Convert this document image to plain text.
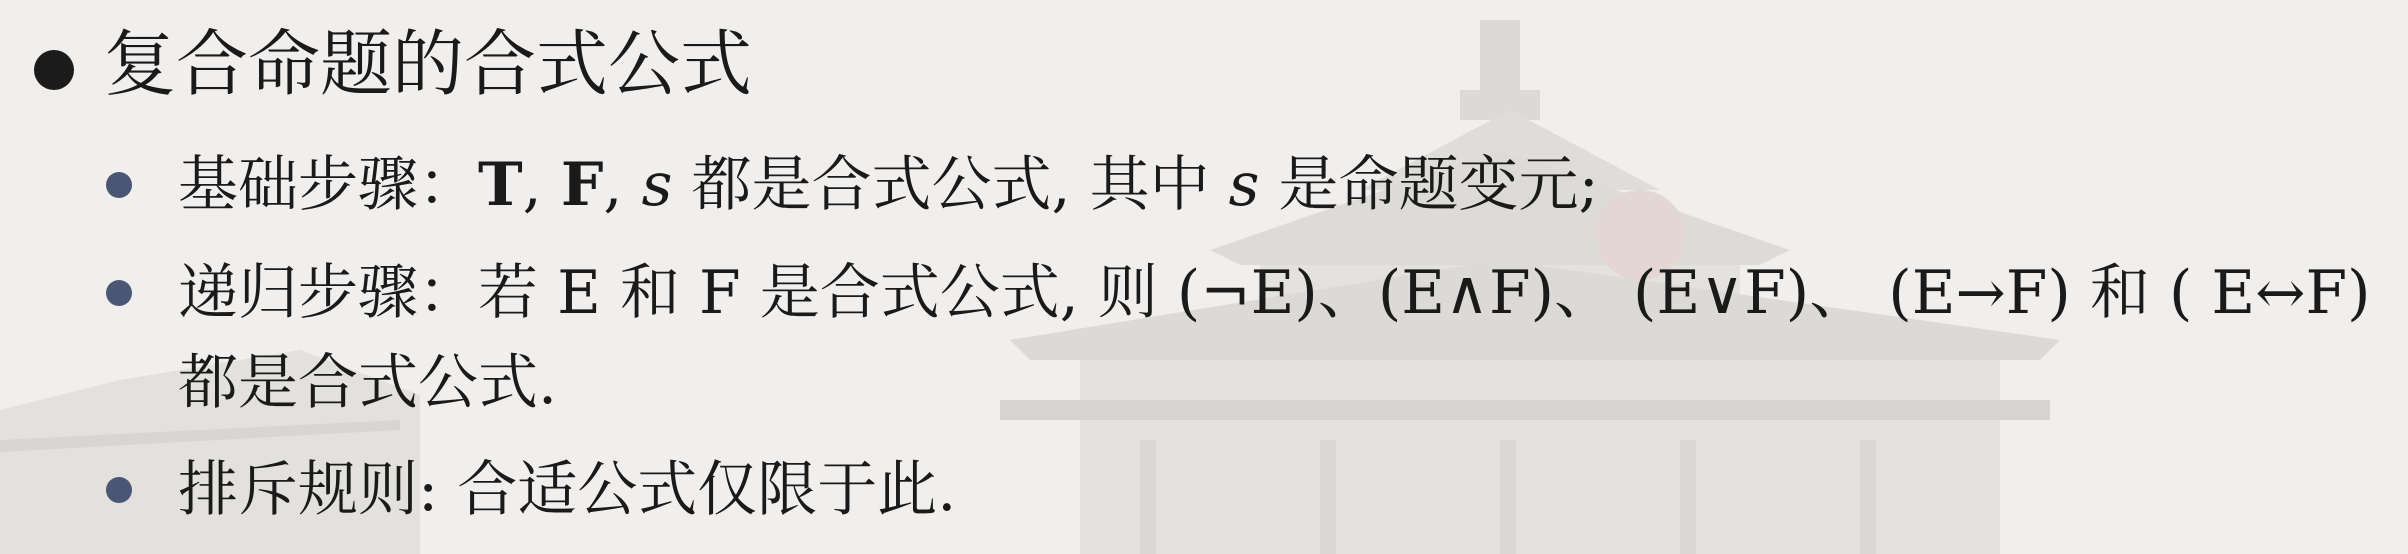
复合命题的合式公式
基础步骤：T, F, s 都是合式公式, 其中 s 是命题变元;
递归步骤：若 E 和 F 是合式公式, 则 (¬E)、(E∧F)、 (E∨F)、 (E→F) 和 ( E↔F)
都是合式公式.
排斥规则: 合适公式仅限于此.
